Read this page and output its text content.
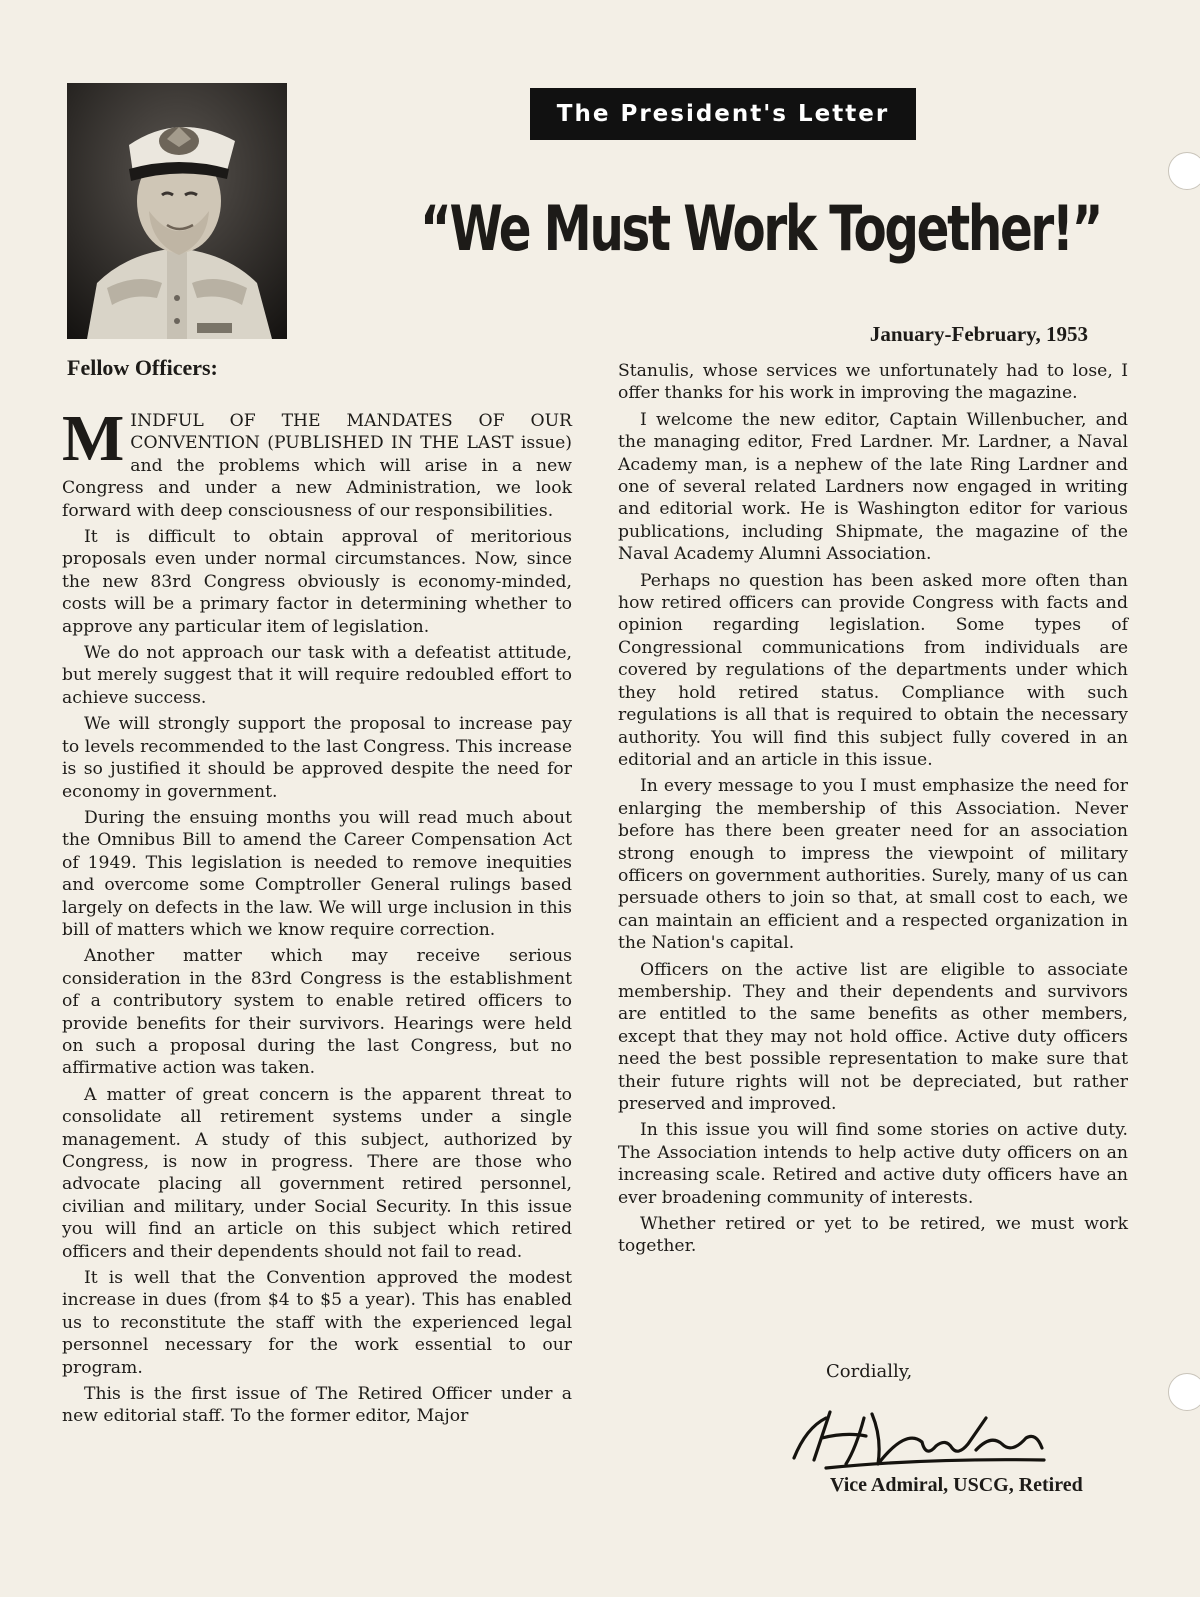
The President's Letter
“We Must Work Together!”
January-February, 1953
Fellow Officers:

MINDFUL OF THE MANDATES OF OUR CONVENTION (PUBLISHED IN THE LAST issue) and the problems which will arise in a new Congress and under a new Administration, we look forward with deep consciousness of our responsibilities.

It is difficult to obtain approval of meritorious proposals even under normal circumstances. Now, since the new 83rd Congress obviously is economy-minded, costs will be a primary factor in determining whether to approve any particular item of legislation.

We do not approach our task with a defeatist attitude, but merely suggest that it will require redoubled effort to achieve success.

We will strongly support the proposal to increase pay to levels recommended to the last Congress. This increase is so justified it should be approved despite the need for economy in government.

During the ensuing months you will read much about the Omnibus Bill to amend the Career Compensation Act of 1949. This legislation is needed to remove inequities and overcome some Comptroller General rulings based largely on defects in the law. We will urge inclusion in this bill of matters which we know require correction.

Another matter which may receive serious consideration in the 83rd Congress is the establishment of a contributory system to enable retired officers to provide benefits for their survivors. Hearings were held on such a proposal during the last Congress, but no affirmative action was taken.

A matter of great concern is the apparent threat to consolidate all retirement systems under a single management. A study of this subject, authorized by Congress, is now in progress. There are those who advocate placing all government retired personnel, civilian and military, under Social Security. In this issue you will find an article on this subject which retired officers and their dependents should not fail to read.

It is well that the Convention approved the modest increase in dues (from $4 to $5 a year). This has enabled us to reconstitute the staff with the experienced legal personnel necessary for the work essential to our program.

This is the first issue of The Retired Officer under a new editorial staff. To the former editor, Major

Stanulis, whose services we unfortunately had to lose, I offer thanks for his work in improving the magazine.

I welcome the new editor, Captain Willenbucher, and the managing editor, Fred Lardner. Mr. Lardner, a Naval Academy man, is a nephew of the late Ring Lardner and one of several related Lardners now engaged in writing and editorial work. He is Washington editor for various publications, including Shipmate, the magazine of the Naval Academy Alumni Association.

Perhaps no question has been asked more often than how retired officers can provide Congress with facts and opinion regarding legislation. Some types of Congressional communications from individuals are covered by regulations of the departments under which they hold retired status. Compliance with such regulations is all that is required to obtain the necessary authority. You will find this subject fully covered in an editorial and an article in this issue.

In every message to you I must emphasize the need for enlarging the membership of this Association. Never before has there been greater need for an association strong enough to impress the viewpoint of military officers on government authorities. Surely, many of us can persuade others to join so that, at small cost to each, we can maintain an efficient and a respected organization in the Nation's capital.

Officers on the active list are eligible to associate membership. They and their dependents and survivors are entitled to the same benefits as other members, except that they may not hold office. Active duty officers need the best possible representation to make sure that their future rights will not be depreciated, but rather preserved and improved.

In this issue you will find some stories on active duty. The Association intends to help active duty officers on an increasing scale. Retired and active duty officers have an ever broadening community of interests.

Whether retired or yet to be retired, we must work together.

Cordially,
Vice Admiral, USCG, Retired
